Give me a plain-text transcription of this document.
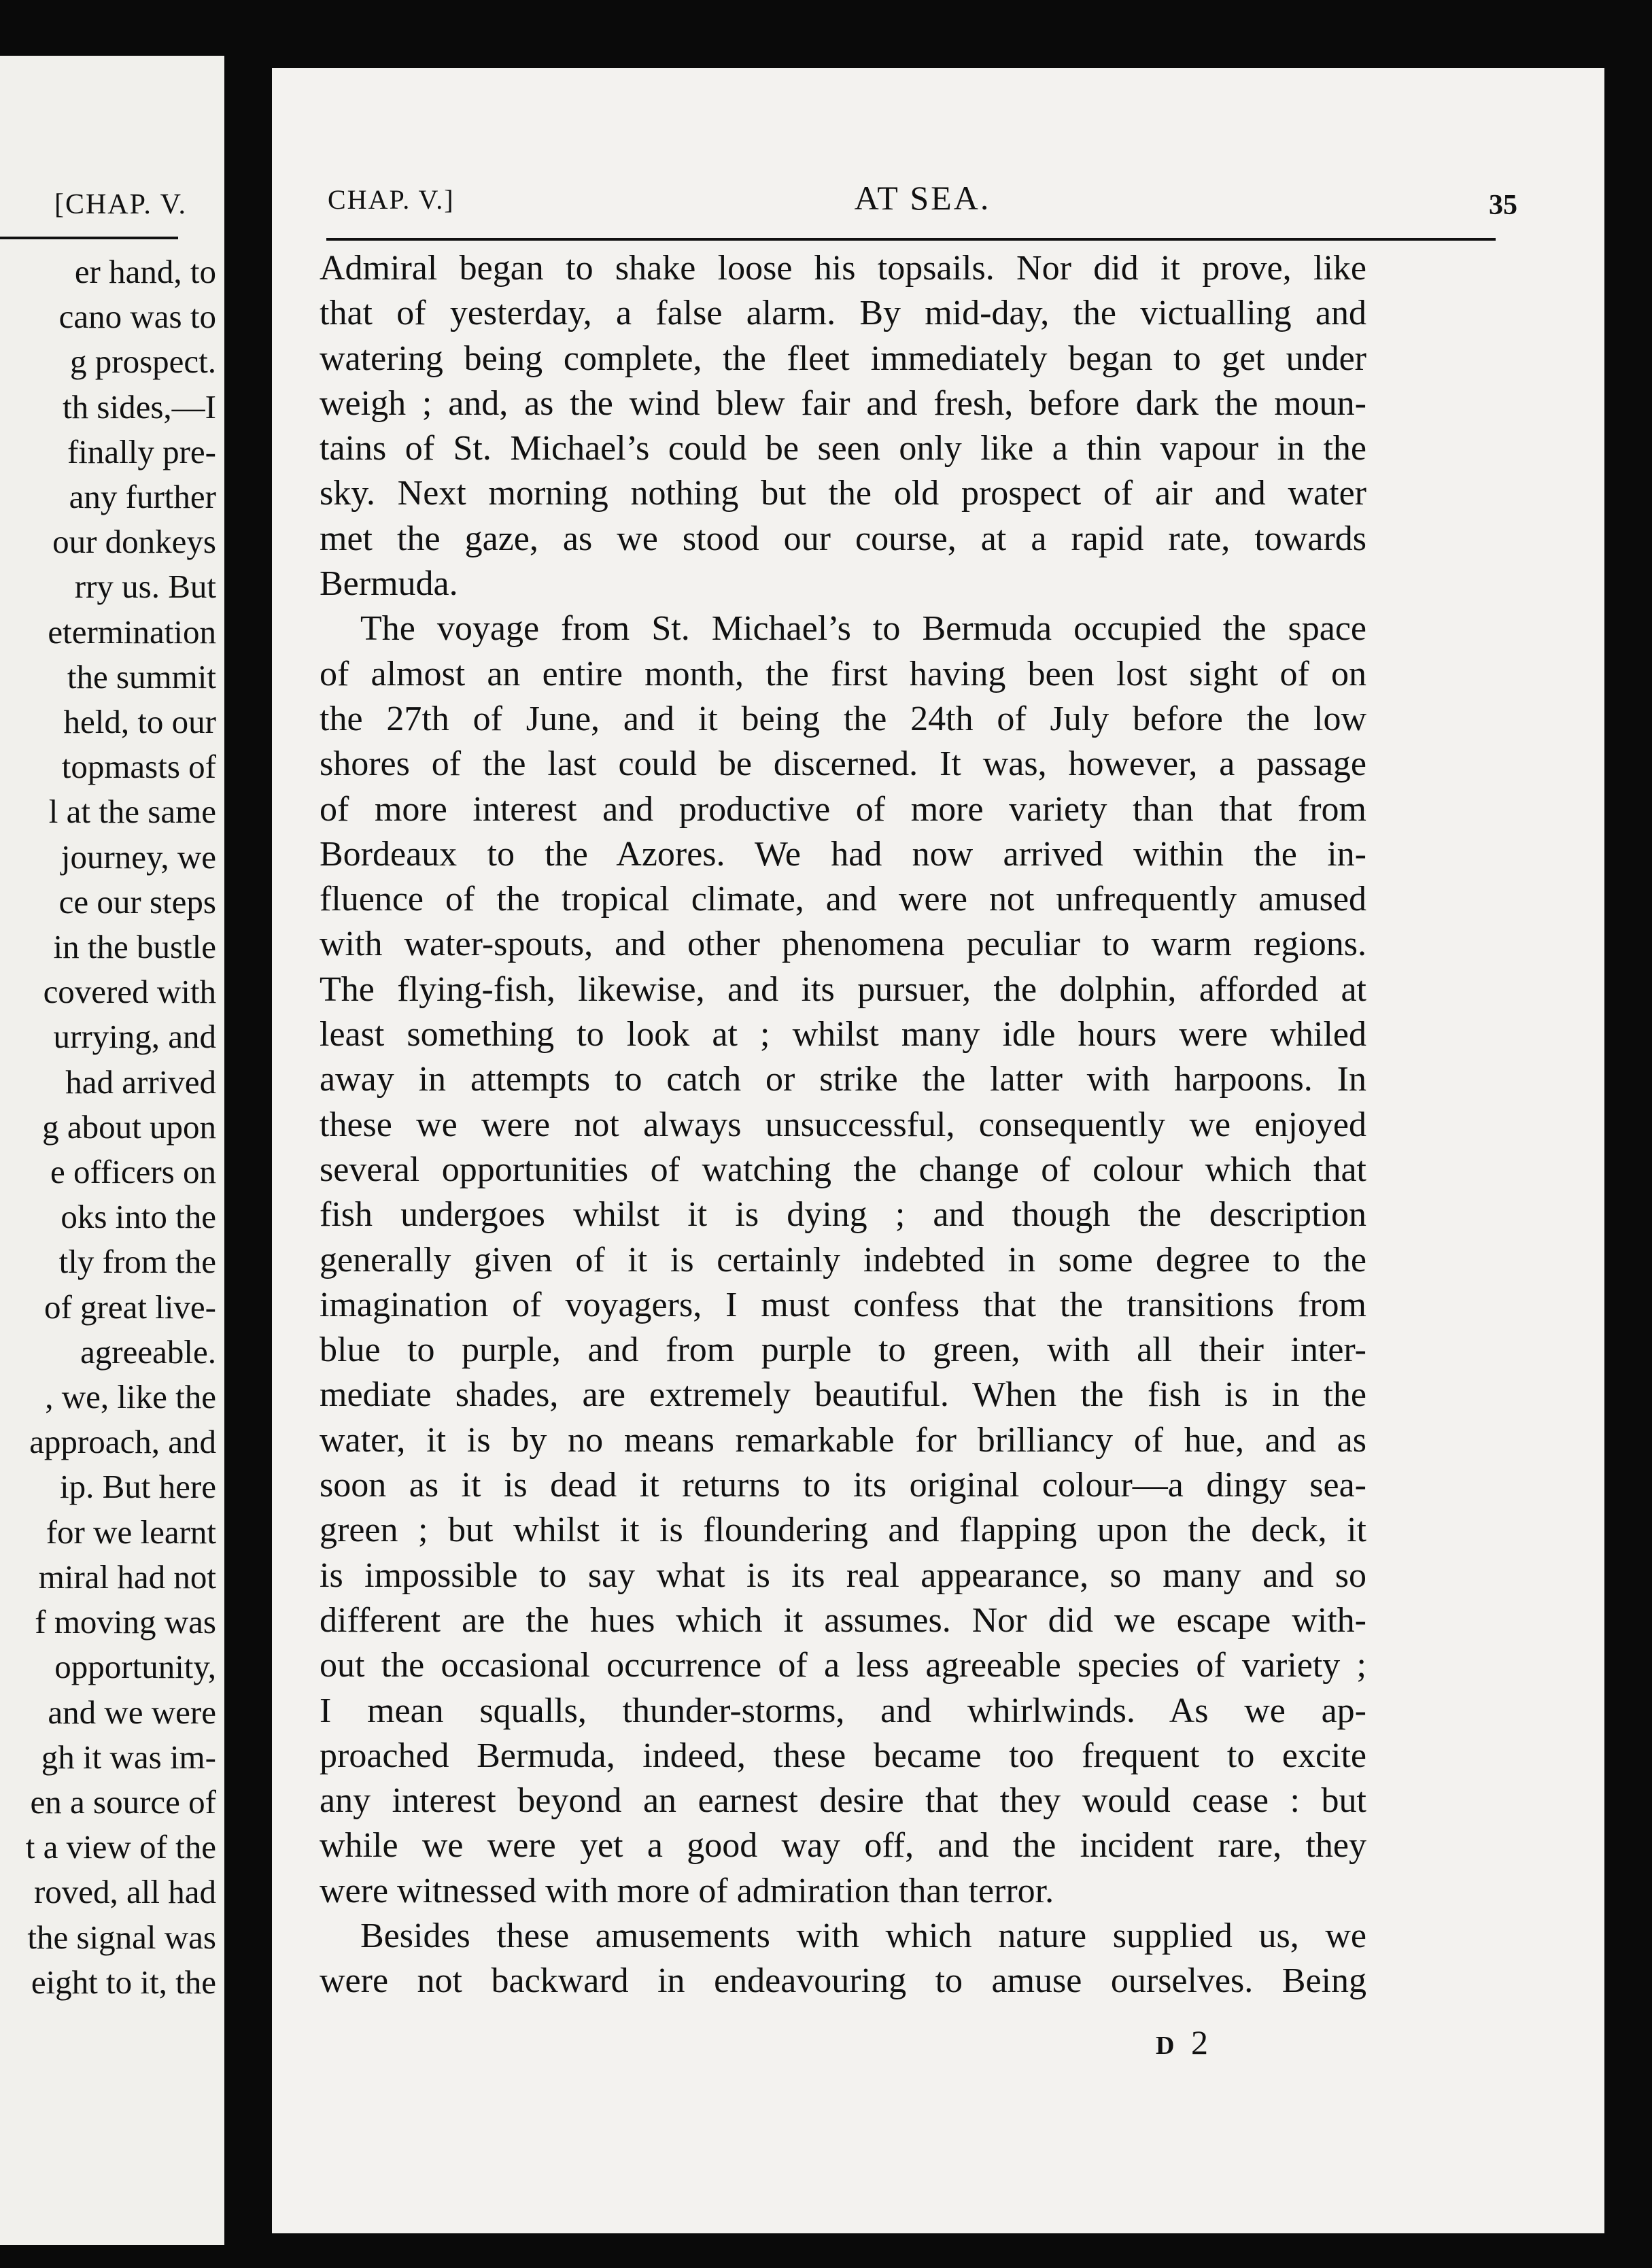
[CHAP. V.
er hand, to
cano was to
g prospect.
th sides,—I
finally pre-
any further
our donkeys
rry us. But
etermination
the summit
held, to our
topmasts of
l at the same
journey, we
ce our steps
in the bustle
covered with
urrying, and
had arrived
g about upon
e officers on
oks into the
tly from the
of great live-
agreeable.
, we, like the
approach, and
ip. But here
for we learnt
miral had not
f moving was
opportunity,
and we were
gh it was im-
en a source of
t a view of the
roved, all had
the signal was
eight to it, the
CHAP. V.]	AT SEA.	35

Admiral began to shake loose his topsails. Nor did it prove, like

that of yesterday, a false alarm. By mid-day, the victualling and

watering being complete, the fleet immediately began to get under

weigh ; and, as the wind blew fair and fresh, before dark the moun-

tains of St. Michael’s could be seen only like a thin vapour in the

sky. Next morning nothing but the old prospect of air and water

met the gaze, as we stood our course, at a rapid rate, towards

Bermuda.

The voyage from St. Michael’s to Bermuda occupied the space

of almost an entire month, the first having been lost sight of on

the 27th of June, and it being the 24th of July before the low

shores of the last could be discerned. It was, however, a passage

of more interest and productive of more variety than that from

Bordeaux to the Azores. We had now arrived within the in-

fluence of the tropical climate, and were not unfrequently amused

with water-spouts, and other phenomena peculiar to warm regions.

The flying-fish, likewise, and its pursuer, the dolphin, afforded at

least something to look at ; whilst many idle hours were whiled

away in attempts to catch or strike the latter with harpoons. In

these we were not always unsuccessful, consequently we enjoyed

several opportunities of watching the change of colour which that

fish undergoes whilst it is dying ; and though the description

generally given of it is certainly indebted in some degree to the

imagination of voyagers, I must confess that the transitions from

blue to purple, and from purple to green, with all their inter-

mediate shades, are extremely beautiful. When the fish is in the

water, it is by no means remarkable for brilliancy of hue, and as

soon as it is dead it returns to its original colour—a dingy sea-

green ; but whilst it is floundering and flapping upon the deck, it

is impossible to say what is its real appearance, so many and so

different are the hues which it assumes. Nor did we escape with-

out the occasional occurrence of a less agreeable species of variety ;

I mean squalls, thunder-storms, and whirlwinds. As we ap-

proached Bermuda, indeed, these became too frequent to excite

any interest beyond an earnest desire that they would cease : but

while we were yet a good way off, and the incident rare, they

were witnessed with more of admiration than terror.

Besides these amusements with which nature supplied us, we

were not backward in endeavouring to amuse ourselves. Being

D 2
